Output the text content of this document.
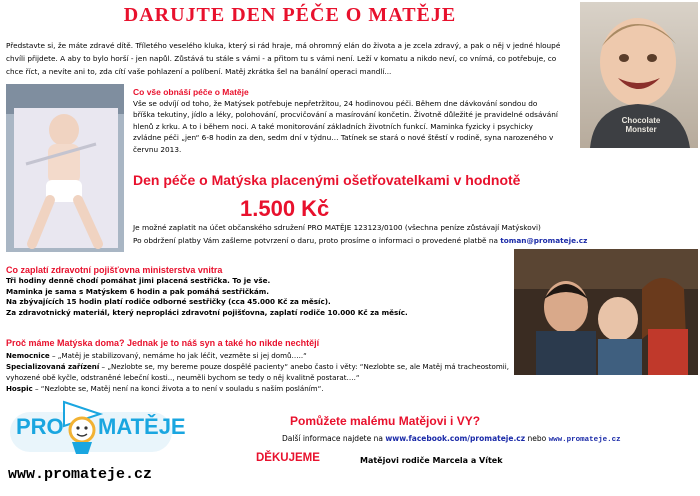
DARUJTE DEN PÉČE O MATĚJE
Představte si, že máte zdravé dítě. Tříletého veselého kluka, který si rád hraje, má ohromný elán do života a je zcela zdravý, a pak o něj v jedné hloupé chvíli přijdete. A aby to bylo horší - jen napůl. Zůstává tu stále s vámi - a přitom tu s vámi není. Leží v komatu a nikdo neví, co vnímá, co potřebuje, co chce říct, a nevíte ani to, zda cítí vaše pohlazení a políbení. Matěj zkrátka šel na banální operaci mandlí...
Chocolate Monster
Co vše obnáší péče o Matěje
Vše se odvíjí od toho, že Matýsek potřebuje nepřetržitou, 24 hodinovou péči. Během dne dávkování sondou do bříška tekutiny, jídlo a léky, polohování, procvičování a masírování končetin. Životně důležité je pravidelné odsávání hlenů z krku. A to i během noci. A také monitorování základních životních funkcí. Maminka fyzicky i psychicky zvládne péči „jen“ 6-8 hodin za den, sedm dní v týdnu… Tatínek se stará o nové štěstí v rodině, syna narozeného v červnu 2013.
Den péče o Matýska placenými ošetřovatelkami v hodnotě
1.500 Kč
Je možné zaplatit na účet občanského sdružení PRO MATĚJE 123123/0100 (všechna peníze zůstávají Matýskovi)
Po obdržení platby Vám zašleme potvrzení o daru, proto prosíme o informaci o provedené platbě na toman@promateje.cz
Co zaplatí zdravotní pojišťovna ministerstva vnitra
Tři hodiny denně chodí pomáhat jimi placená sestřička. To je vše.
Maminka je sama s Matýskem 6 hodin a pak pomáhá sestřičkám.
Na zbývajících 15 hodin platí rodiče odborné sestřičky (cca 45.000 Kč za měsíc).
Za zdravotnický materiál, který nepropláci zdravotní pojišťovna, zaplatí rodiče 10.000 Kč za měsíc.
Proč máme Matýska doma? Jednak je to náš syn a také ho nikde nechtějí
Nemocnice – „Matěj je stabilizovaný, nemáme ho jak léčit, vezměte si jej domů…..“
Specializovaná zařízení – „Nezlobte se, my bereme pouze dospělé pacienty“ anebo často i věty: “Nezlobte se, ale Matěj má tracheostomii, vyhozené obě kyčle, odstraněné lebeční kosti.., neuměli bychom se tedy o něj kvalitně postarat….“
Hospic – “Nezlobte se, Matěj není na konci života a to není v souladu s naším posláním“.
PRO MATĚJE
www.promateje.cz
Pomůžete malému Matějovi i VY?
Další informace najdete na www.facebook.com/promateje.cz nebo www.promateje.cz
DĚKUJEME	Matějovi rodiče Marcela a Vítek
